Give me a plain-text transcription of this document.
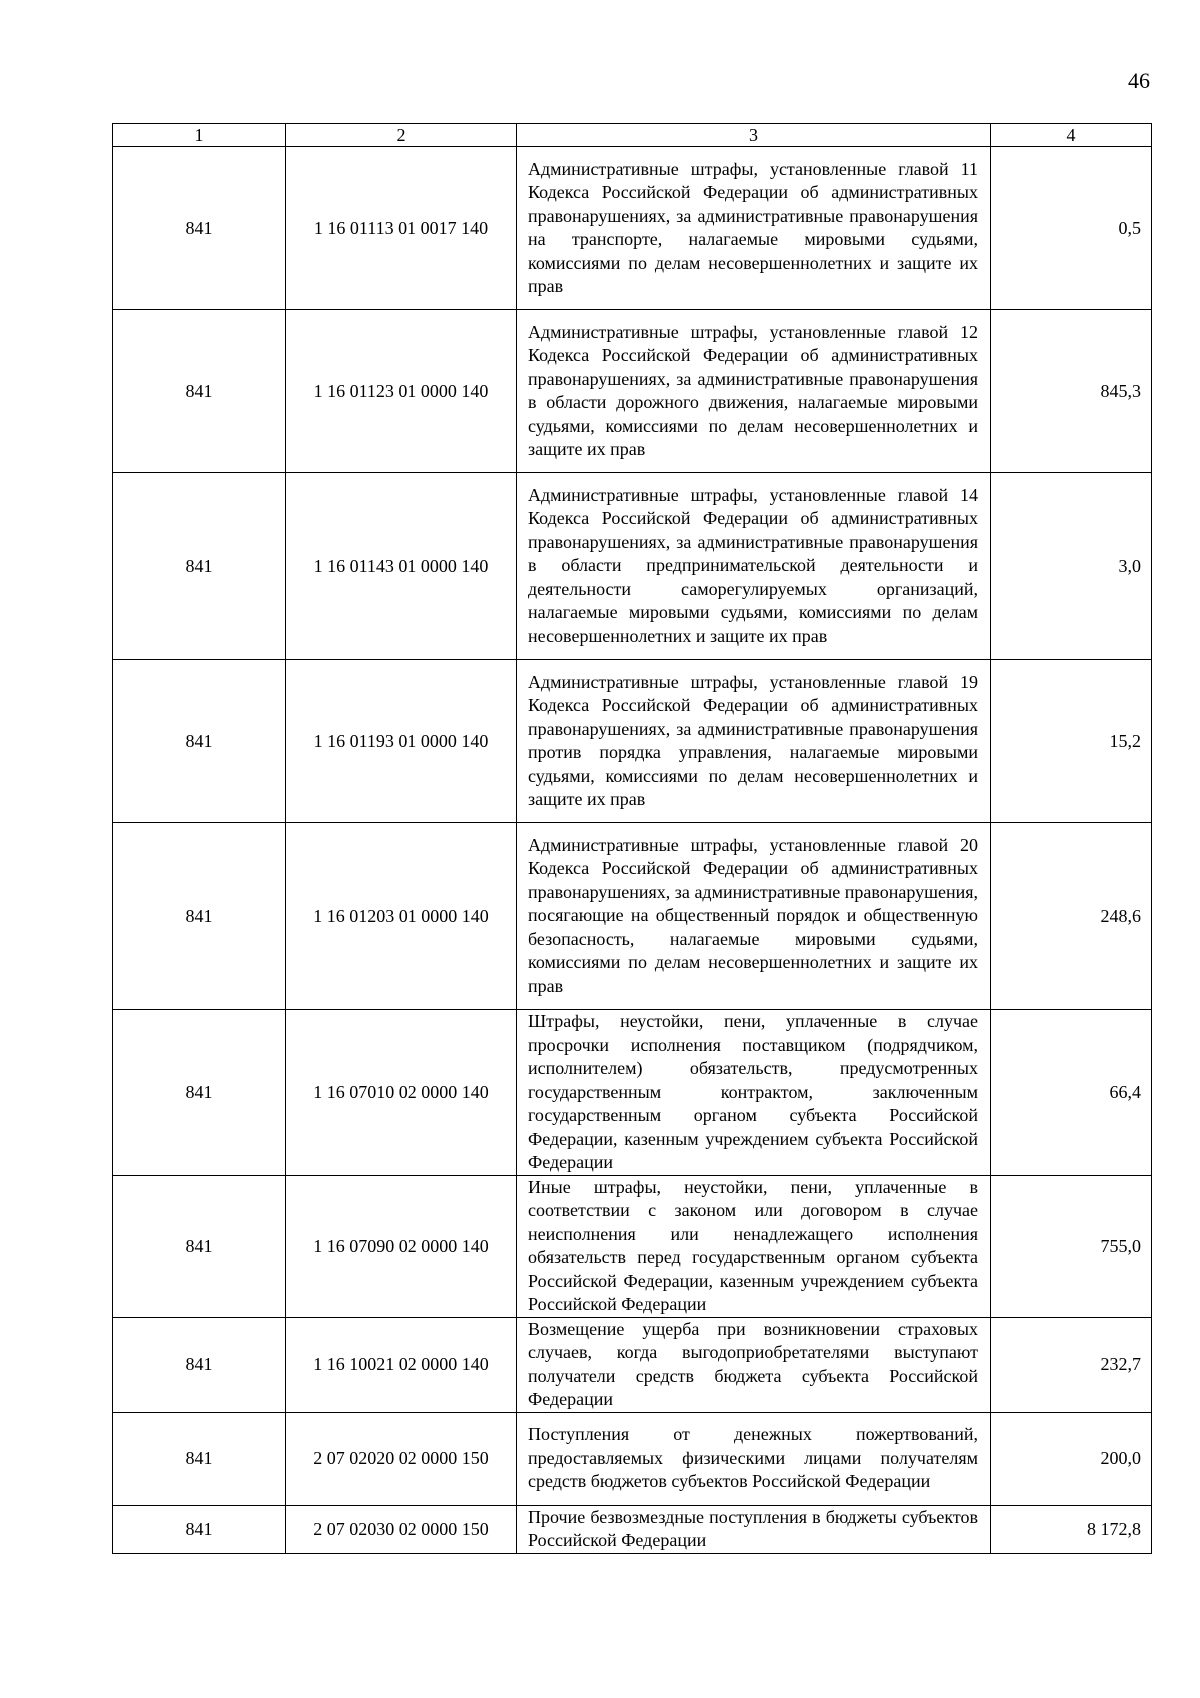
46
1	2	3	4
841	1 16 01113 01 0017 140	Административные штрафы, установленные главой 11 Кодекса Российской Федерации об административных правонарушениях, за административные правонарушения на транспорте, налагаемые мировыми судьями, комиссиями по делам несовершеннолетних и защите их прав	0,5
841	1 16 01123 01 0000 140	Административные штрафы, установленные главой 12 Кодекса Российской Федерации об административных правонарушениях, за административные правонарушения в области дорожного движения, налагаемые мировыми судьями, комиссиями по делам несовершеннолетних и защите их прав	845,3
841	1 16 01143 01 0000 140	Административные штрафы, установленные главой 14 Кодекса Российской Федерации об административных правонарушениях, за административные правонарушения в области предпринимательской деятельности и деятельности саморегулируемых организаций, налагаемые мировыми судьями, комиссиями по делам несовершеннолетних и защите их прав	3,0
841	1 16 01193 01 0000 140	Административные штрафы, установленные главой 19 Кодекса Российской Федерации об административных правонарушениях, за административные правонарушения против порядка управления, налагаемые мировыми судьями, комиссиями по делам несовершеннолетних и защите их прав	15,2
841	1 16 01203 01 0000 140	Административные штрафы, установленные главой 20 Кодекса Российской Федерации об административных правонарушениях, за административные правонарушения, посягающие на общественный порядок и общественную безопасность, налагаемые мировыми судьями, комиссиями по делам несовершеннолетних и защите их прав	248,6
841	1 16 07010 02 0000 140	Штрафы, неустойки, пени, уплаченные в случае просрочки исполнения поставщиком (подрядчиком, исполнителем) обязательств, предусмотренных государственным контрактом, заключенным государственным органом субъекта Российской Федерации, казенным учреждением субъекта Российской Федерации	66,4
841	1 16 07090 02 0000 140	Иные штрафы, неустойки, пени, уплаченные в соответствии с законом или договором в случае неисполнения или ненадлежащего исполнения обязательств перед государственным органом субъекта Российской Федерации, казенным учреждением субъекта Российской Федерации	755,0
841	1 16 10021 02 0000 140	Возмещение ущерба при возникновении страховых случаев, когда выгодоприобретателями выступают получатели средств бюджета субъекта Российской Федерации	232,7
841	2 07 02020 02 0000 150	Поступления от денежных пожертвований, предоставляемых физическими лицами получателям средств бюджетов субъектов Российской Федерации	200,0
841	2 07 02030 02 0000 150	Прочие безвозмездные поступления в бюджеты субъектов Российской Федерации	8 172,8
